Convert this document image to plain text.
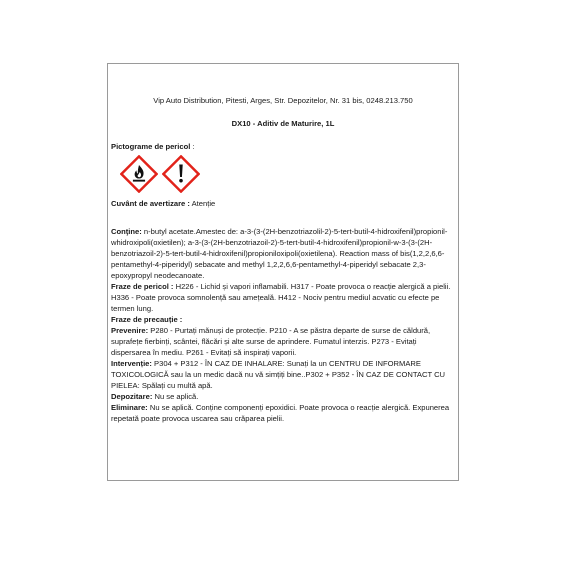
Vip Auto Distribution, Pitesti, Arges, Str. Depozitelor, Nr. 31 bis, 0248.213.750
DX10 - Aditiv de Maturire, 1L
Pictograme de pericol :
Cuvânt de avertizare : Atenție

Conţine: n-butyl acetate.Amestec de: a-3-(3-(2H-benzotriazolil-2)-5-tert-butil-4-hidroxifenil)propionil-whidroxipoli(oxietilen); a-3-(3-(2H-benzotriazoil-2)-5-tert-butil-4-hidroxifenil)propionil-w-3-(3-(2H-benzotriazoil-2)-5-tert-butil-4-hidroxifenil)propionilоxipoli(oxietilena). Reaction mass of bis(1,2,2,6,6-pentamethyl-4-piperidyl) sebacate and methyl 1,2,2,6,6-pentamethyl-4-piperidyl sebacate 2,3-epoxypropyl neodecanoate.

Fraze de pericol : H226 - Lichid și vapori inflamabili. H317 - Poate provoca o reacție alergică a pielii. H336 - Poate provoca somnolență sau amețeală. H412 - Nociv pentru mediul acvatic cu efecte pe termen lung.

Fraze de precauție :

Prevenire: P280 - Purtați mănuși de protecție. P210 - A se păstra departe de surse de căldură, suprafețe fierbinți, scântei, flăcări și alte surse de aprindere. Fumatul interzis. P273 - Evitați dispersarea în mediu. P261 - Evitați să inspirați vaporii.

Intervenție: P304 + P312 - ÎN CAZ DE INHALARE: Sunați la un CENTRU DE INFORMARE TOXICOLOGICĂ sau la un medic dacă nu vă simțiți bine..P302 + P352 - ÎN CAZ DE CONTACT CU PIELEA: Spălați cu multă apă.

Depozitare: Nu se aplică.

Eliminare: Nu se aplică. Conține componenți epoxidici. Poate provoca o reacție alergică. Expunerea repetată poate provoca uscarea sau crăparea pielii.
